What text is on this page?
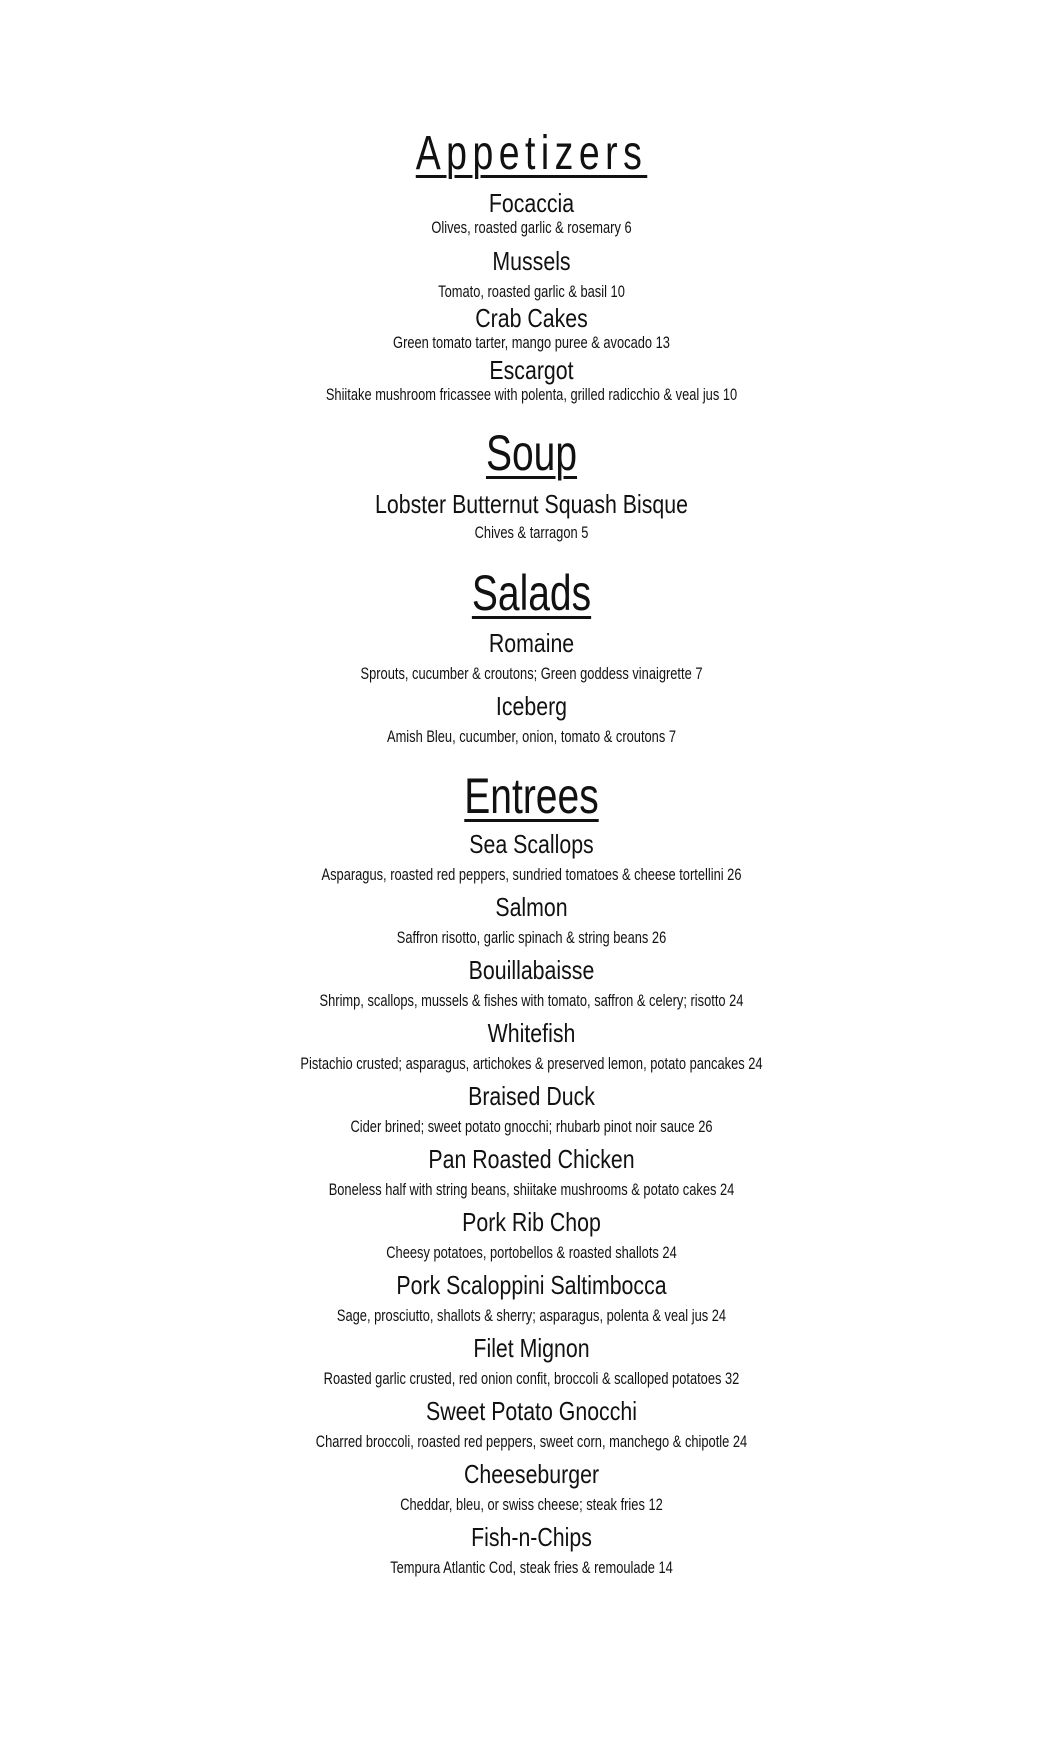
Appetizers
Focaccia
Olives, roasted garlic & rosemary 6
Mussels
Tomato, roasted garlic & basil 10
Crab Cakes
Green tomato tarter, mango puree & avocado 13
Escargot
Shiitake mushroom fricassee with polenta, grilled radicchio & veal jus 10
Soup
Lobster Butternut Squash Bisque
Chives & tarragon 5
Salads
Romaine
Sprouts, cucumber & croutons; Green goddess vinaigrette 7
Iceberg
Amish Bleu, cucumber, onion, tomato & croutons 7
Entrees
Sea Scallops
Asparagus, roasted red peppers, sundried tomatoes & cheese tortellini 26
Salmon
Saffron risotto, garlic spinach & string beans 26
Bouillabaisse
Shrimp, scallops, mussels & fishes with tomato, saffron & celery; risotto 24
Whitefish
Pistachio crusted; asparagus, artichokes & preserved lemon, potato pancakes 24
Braised Duck
Cider brined; sweet potato gnocchi; rhubarb pinot noir sauce 26
Pan Roasted Chicken
Boneless half with string beans, shiitake mushrooms & potato cakes 24
Pork Rib Chop
Cheesy potatoes, portobellos & roasted shallots 24
Pork Scaloppini Saltimbocca
Sage, prosciutto, shallots & sherry; asparagus, polenta & veal jus 24
Filet Mignon
Roasted garlic crusted, red onion confit, broccoli & scalloped potatoes 32
Sweet Potato Gnocchi
Charred broccoli, roasted red peppers, sweet corn, manchego & chipotle 24
Cheeseburger
Cheddar, bleu, or swiss cheese; steak fries 12
Fish-n-Chips
Tempura Atlantic Cod, steak fries & remoulade 14
